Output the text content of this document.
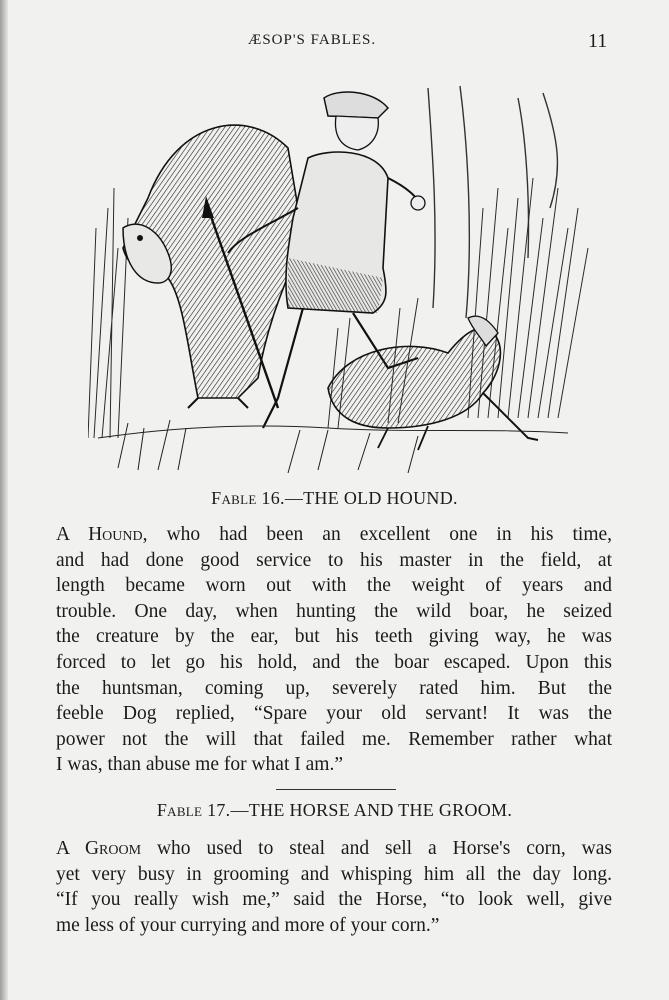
ÆSOP'S FABLES.	11
Fable 16.—THE OLD HOUND.
A Hound, who had been an excellent one in his time,
and had done good service to his master in the field, at
length became worn out with the weight of years and
trouble. One day, when hunting the wild boar, he seized
the creature by the ear, but his teeth giving way, he was
forced to let go his hold, and the boar escaped. Upon this
the huntsman, coming up, severely rated him. But the
feeble Dog replied, “Spare your old servant! It was the
power not the will that failed me. Remember rather what
I was, than abuse me for what I am.”
Fable 17.—THE HORSE AND THE GROOM.
A Groom who used to steal and sell a Horse's corn, was
yet very busy in grooming and whisping him all the day long.
“If you really wish me,” said the Horse, “to look well, give
me less of your currying and more of your corn.”
